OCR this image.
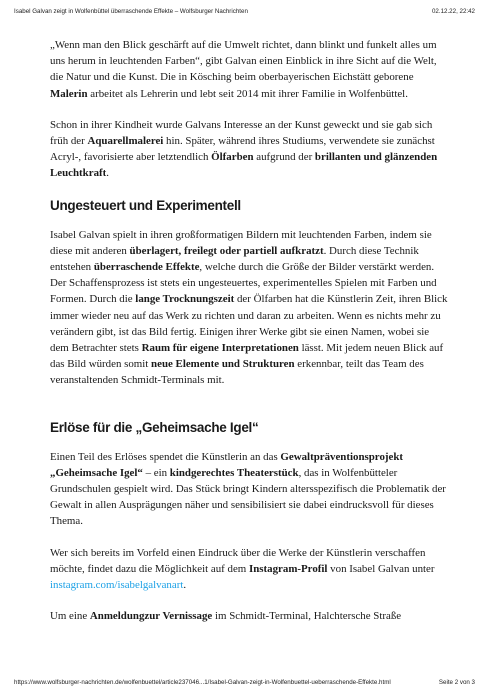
Isabel Galvan zeigt in Wolfenbüttel überraschende Effekte – Wolfsburger Nachrichten	02.12.22, 22:42

„Wenn man den Blick geschärft auf die Umwelt richtet, dann blinkt und funkelt alles um uns herum in leuchtenden Farben“, gibt Galvan einen Einblick in ihre Sicht auf die Welt, die Natur und die Kunst. Die in Kösching beim oberbayerischen Eichstätt geborene Malerin arbeitet als Lehrerin und lebt seit 2014 mit ihrer Familie in Wolfenbüttel.

Schon in ihrer Kindheit wurde Galvans Interesse an der Kunst geweckt und sie gab sich früh der Aquarellmalerei hin. Später, während ihres Studiums, verwendete sie zunächst Acryl-, favorisierte aber letztendlich Ölfarben aufgrund der brillanten und glänzenden Leuchtkraft.

Ungesteuert und Experimentell

Isabel Galvan spielt in ihren großformatigen Bildern mit leuchtenden Farben, indem sie diese mit anderen überlagert, freilegt oder partiell aufkratzt. Durch diese Technik entstehen überraschende Effekte, welche durch die Größe der Bilder verstärkt werden. Der Schaffensprozess ist stets ein ungesteuertes, experimentelles Spielen mit Farben und Formen. Durch die lange Trocknungszeit der Ölfarben hat die Künstlerin Zeit, ihren Blick immer wieder neu auf das Werk zu richten und daran zu arbeiten. Wenn es nichts mehr zu verändern gibt, ist das Bild fertig. Einigen ihrer Werke gibt sie einen Namen, wobei sie dem Betrachter stets Raum für eigene Interpretationen lässt. Mit jedem neuen Blick auf das Bild würden somit neue Elemente und Strukturen erkennbar, teilt das Team des veranstaltenden Schmidt-Terminals mit.

Erlöse für die „Geheimsache Igel“

Einen Teil des Erlöses spendet die Künstlerin an das Gewaltpräventionsprojekt „Geheimsache Igel“ – ein kindgerechtes Theaterstück, das in Wolfenbütteler Grundschulen gespielt wird. Das Stück bringt Kindern altersspezifisch die Problematik der Gewalt in allen Ausprägungen näher und sensibilisiert sie dabei eindrucksvoll für dieses Thema.

Wer sich bereits im Vorfeld einen Eindruck über die Werke der Künstlerin verschaffen möchte, findet dazu die Möglichkeit auf dem Instagram-Profil von Isabel Galvan unter instagram.com/isabelgalvanart.

Um eine Anmeldungzur Vernissage im Schmidt-Terminal, Halchtersche Straße

https://www.wolfsburger-nachrichten.de/wolfenbuettel/article237046...1/Isabel-Galvan-zeigt-in-Wolfenbuettel-ueberraschende-Effekte.html	Seite 2 von 3
